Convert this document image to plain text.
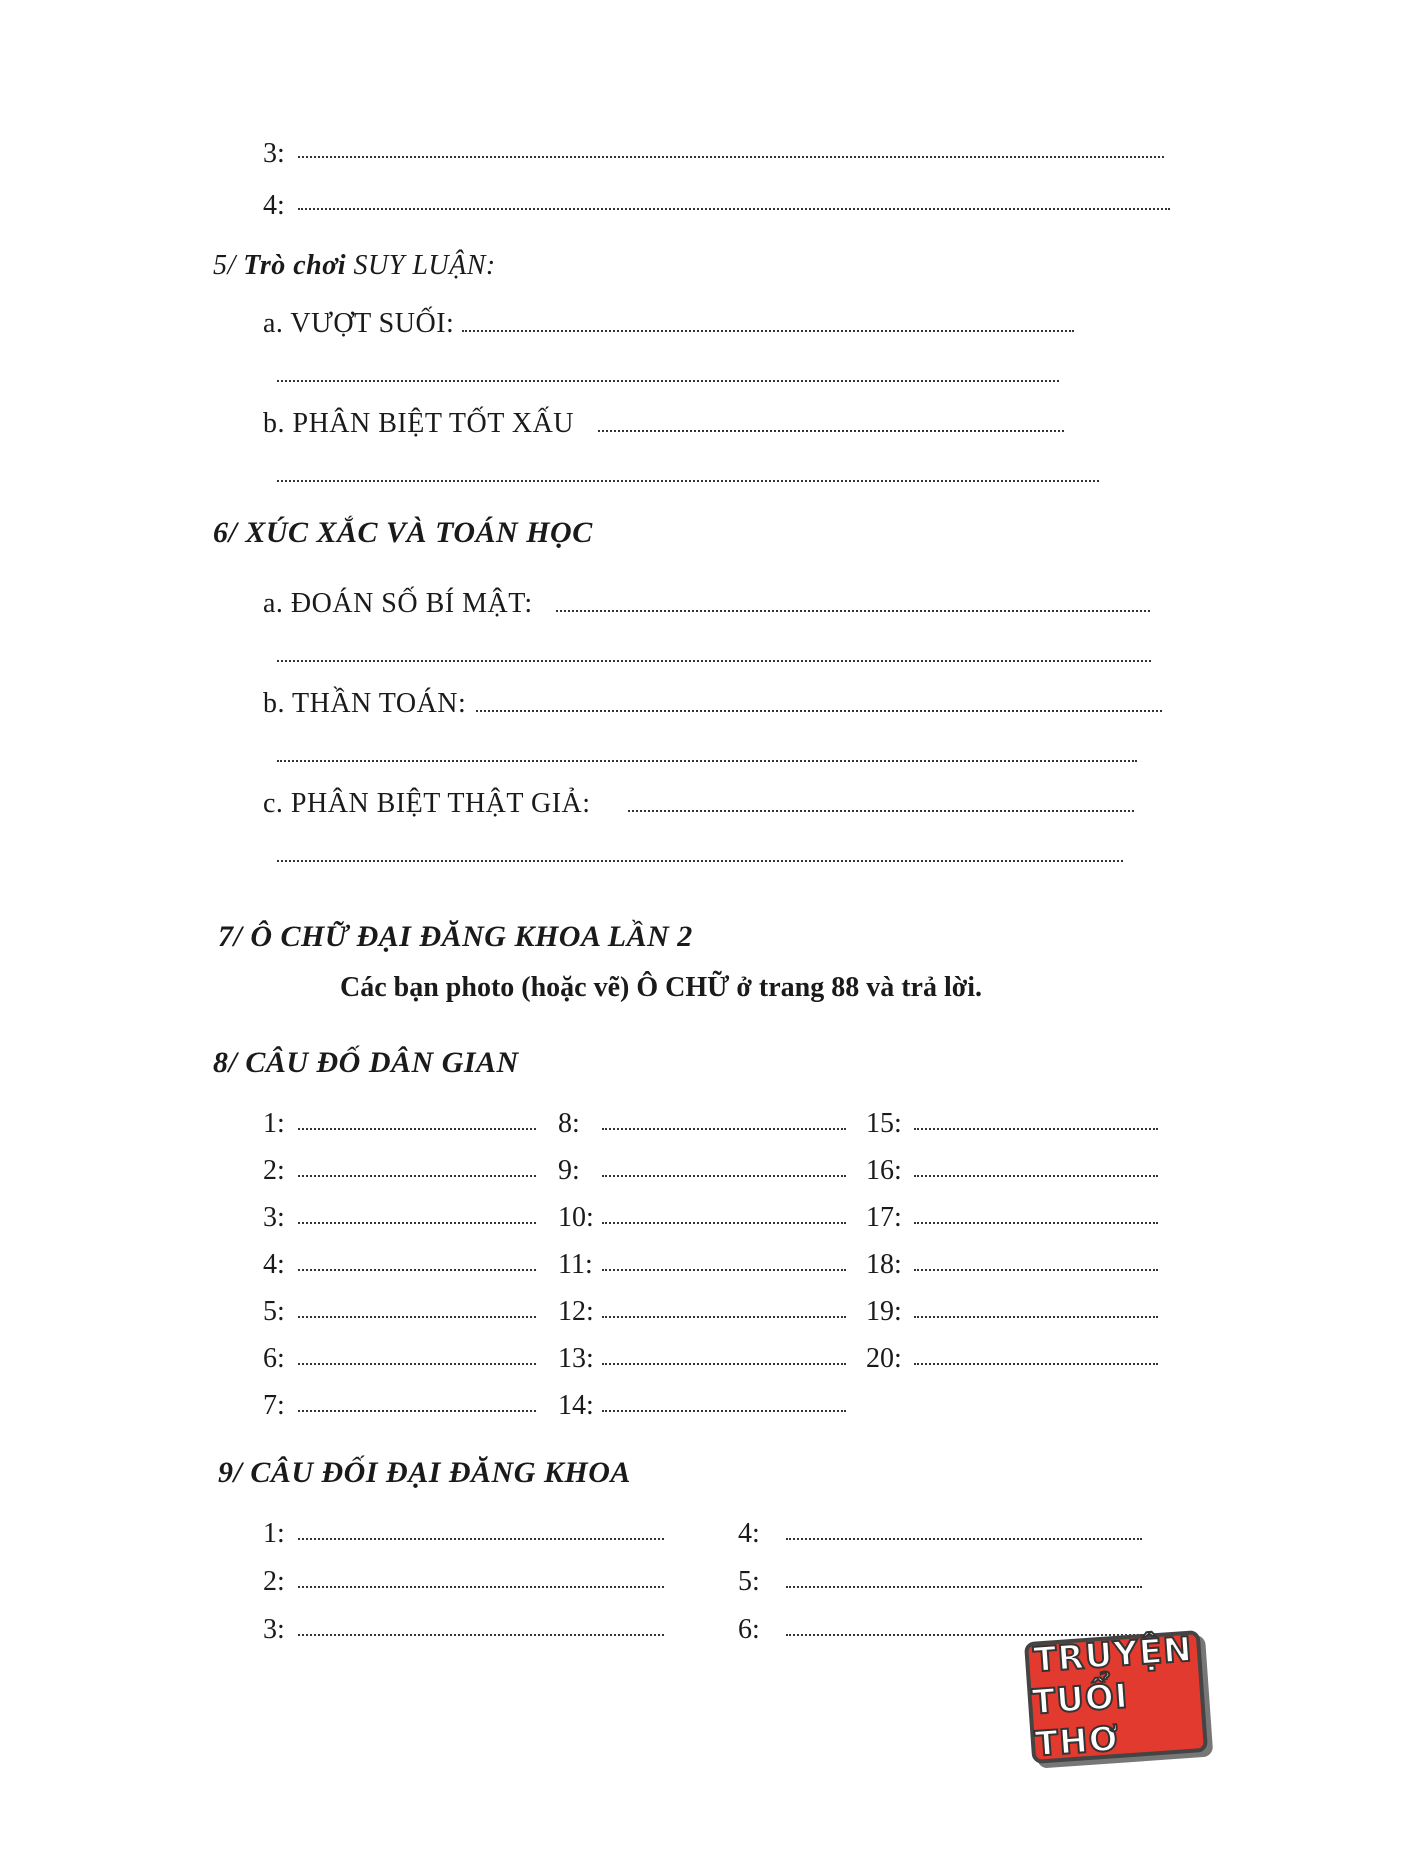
3:
4:
5/ Trò chơi SUY LUẬN:
a. VƯỢT SUỐI:
b. PHÂN BIỆT TỐT XẤU
6/ XÚC XẮC VÀ TOÁN HỌC
a. ĐOÁN SỐ BÍ MẬT:
b. THẦN TOÁN:
c. PHÂN BIỆT THẬT GIẢ:
7/ Ô CHỮ ĐẠI ĐĂNG KHOA LẦN 2
Các bạn photo (hoặc vẽ) Ô CHỮ ở trang 88 và trả lời.
8/ CÂU ĐỐ DÂN GIAN
1:
2:
3:
4:
5:
6:
7:
8:
9:
10:
11:
12:
13:
14:
15:
16:
17:
18:
19:
20:
9/ CÂU ĐỐI ĐẠI ĐĂNG KHOA
1:
2:
3:
4:
5:
6:
TRUYỆN
TUỔI THƠ
